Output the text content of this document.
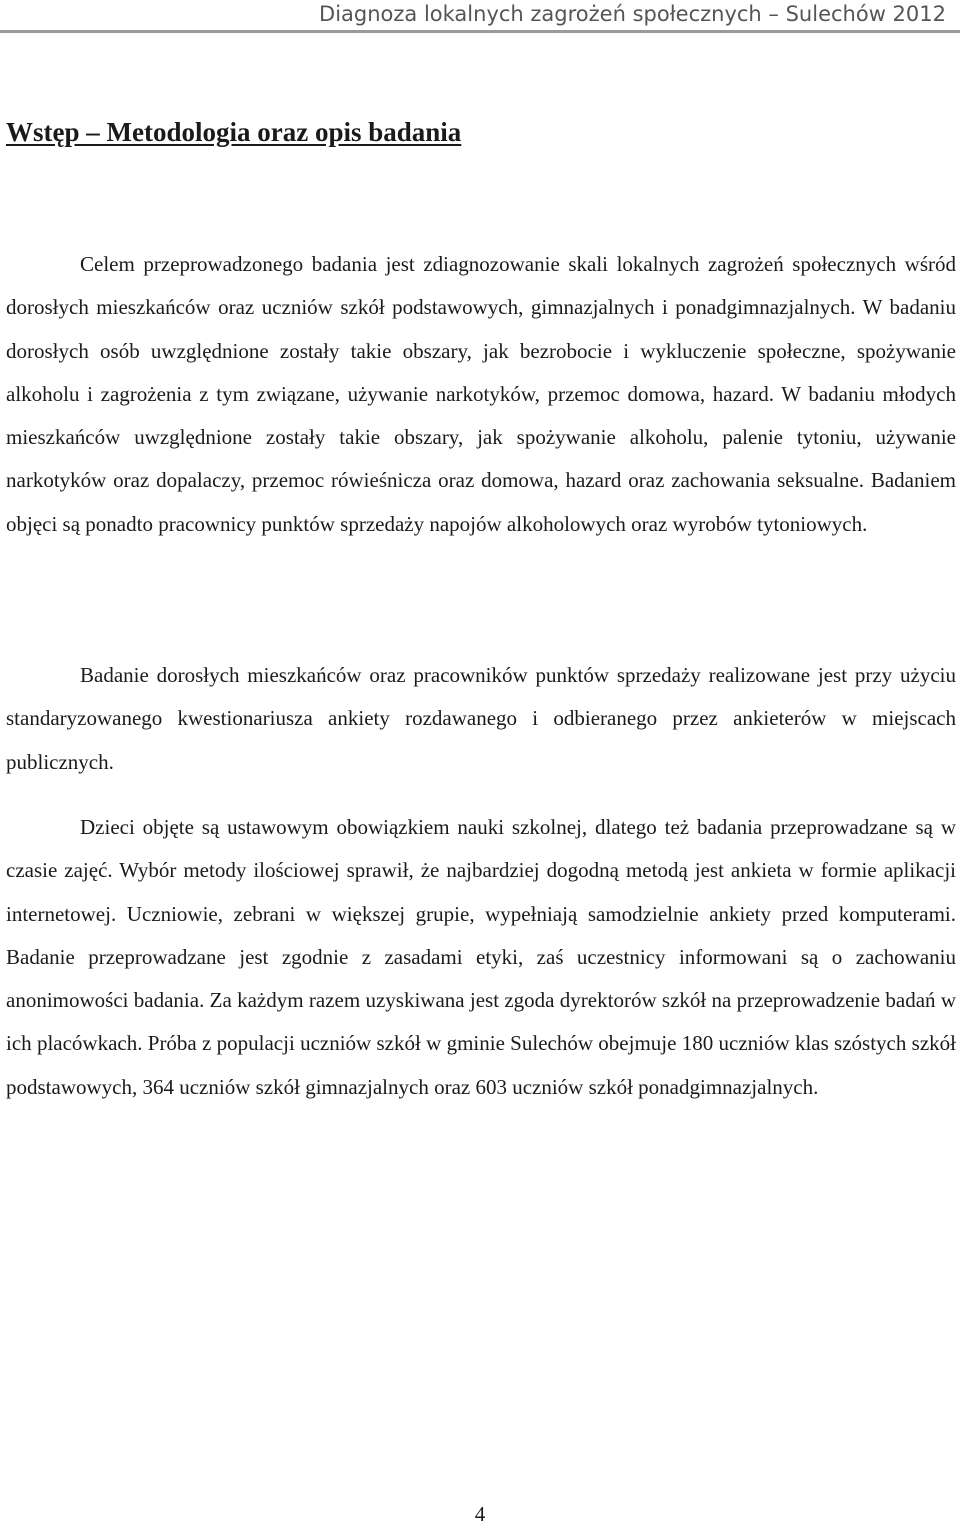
Diagnoza lokalnych zagrożeń społecznych – Sulechów 2012
Wstęp – Metodologia oraz opis badania

Celem przeprowadzonego badania jest zdiagnozowanie skali lokalnych zagrożeń społecznych wśród dorosłych mieszkańców oraz uczniów szkół podstawowych, gimnazjalnych i ponadgimnazjalnych. W badaniu dorosłych osób uwzględnione zostały takie obszary, jak bezrobocie i wykluczenie społeczne, spożywanie alkoholu i zagrożenia z tym związane, używanie narkotyków, przemoc domowa, hazard. W badaniu młodych mieszkańców uwzględnione zostały takie obszary, jak spożywanie alkoholu, palenie tytoniu, używanie narkotyków oraz dopalaczy, przemoc rówieśnicza oraz domowa, hazard oraz zachowania seksualne. Badaniem objęci są ponadto pracownicy punktów sprzedaży napojów alkoholowych oraz wyrobów tytoniowych.

Badanie dorosłych mieszkańców oraz pracowników punktów sprzedaży realizowane jest przy użyciu standaryzowanego kwestionariusza ankiety rozdawanego i odbieranego przez ankieterów w miejscach publicznych.

Dzieci objęte są ustawowym obowiązkiem nauki szkolnej, dlatego też badania przeprowadzane są w czasie zajęć. Wybór metody ilościowej sprawił, że najbardziej dogodną metodą jest ankieta w formie aplikacji internetowej. Uczniowie, zebrani w większej grupie, wypełniają samodzielnie ankiety przed komputerami. Badanie przeprowadzane jest zgodnie z zasadami etyki, zaś uczestnicy informowani są o zachowaniu anonimowości badania. Za każdym razem uzyskiwana jest zgoda dyrektorów szkół na przeprowadzenie badań w ich placówkach. Próba z populacji uczniów szkół w gminie Sulechów obejmuje 180 uczniów klas szóstych szkół podstawowych, 364 uczniów szkół gimnazjalnych oraz 603 uczniów szkół ponadgimnazjalnych.

4
